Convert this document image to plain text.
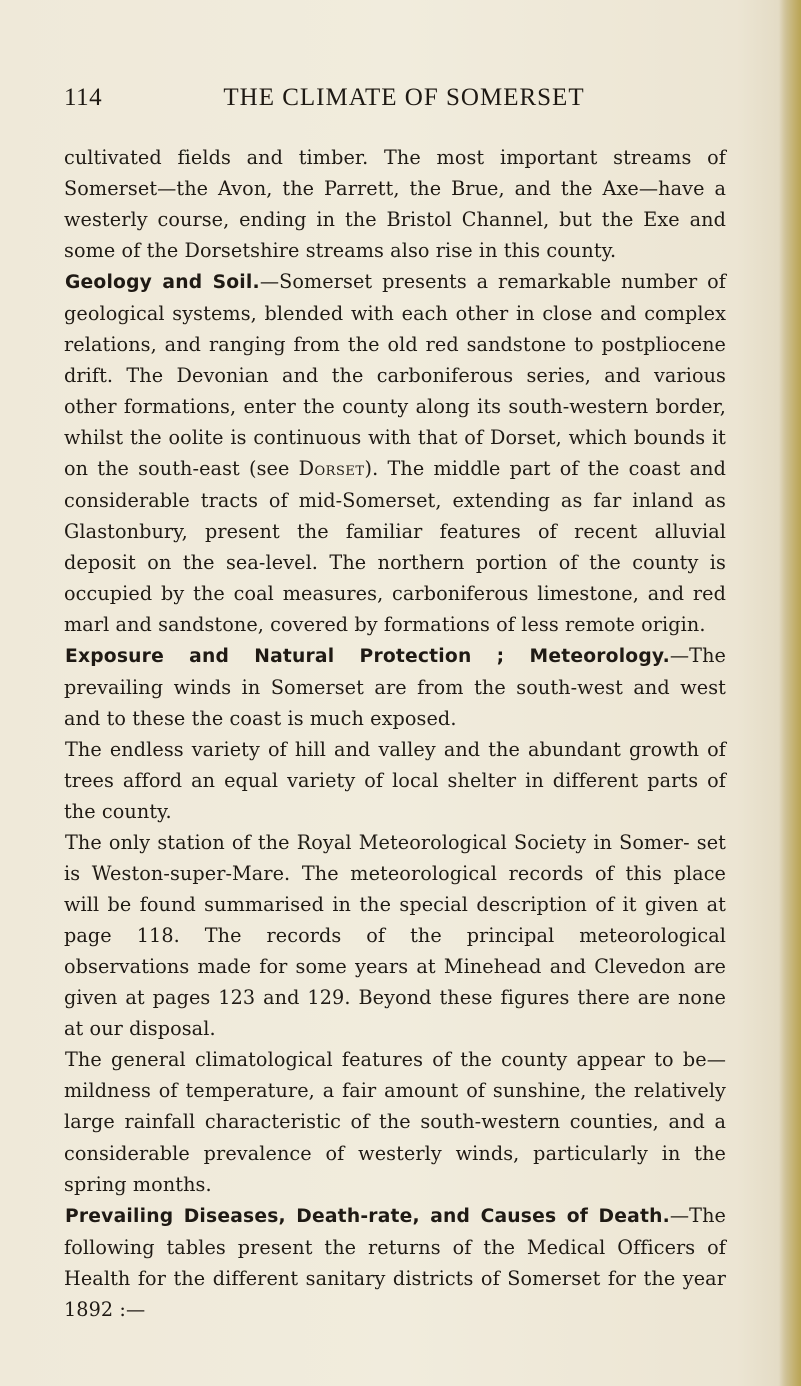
114	THE CLIMATE OF SOMERSET

cultivated fields and timber. The most important streams of Somerset—the Avon, the Parrett, the Brue, and the Axe—have a westerly course, ending in the Bristol Channel, but the Exe and some of the Dorsetshire streams also rise in this county.

Geology and Soil.—Somerset presents a remarkable number of geological systems, blended with each other in close and complex relations, and ranging from the old red sandstone to postpliocene drift. The Devonian and the carboniferous series, and various other formations, enter the county along its south-western border, whilst the oolite is continuous with that of Dorset, which bounds it on the south-east (see Dorset). The middle part of the coast and considerable tracts of mid-Somerset, extending as far inland as Glastonbury, present the familiar features of recent alluvial deposit on the sea-level. The northern portion of the county is occupied by the coal measures, carboniferous limestone, and red marl and sandstone, covered by formations of less remote origin.

Exposure and Natural Protection ; Meteorology.—The prevailing winds in Somerset are from the south-west and west and to these the coast is much exposed.

The endless variety of hill and valley and the abundant growth of trees afford an equal variety of local shelter in different parts of the county.

The only station of the Royal Meteorological Society in Somer- set is Weston-super-Mare. The meteorological records of this place will be found summarised in the special description of it given at page 118. The records of the principal meteorological observations made for some years at Minehead and Clevedon are given at pages 123 and 129. Beyond these figures there are none at our disposal.

The general climatological features of the county appear to be— mildness of temperature, a fair amount of sunshine, the relatively large rainfall characteristic of the south-western counties, and a considerable prevalence of westerly winds, particularly in the spring months.

Prevailing Diseases, Death-rate, and Causes of Death.—The following tables present the returns of the Medical Officers of Health for the different sanitary districts of Somerset for the year 1892 :—
